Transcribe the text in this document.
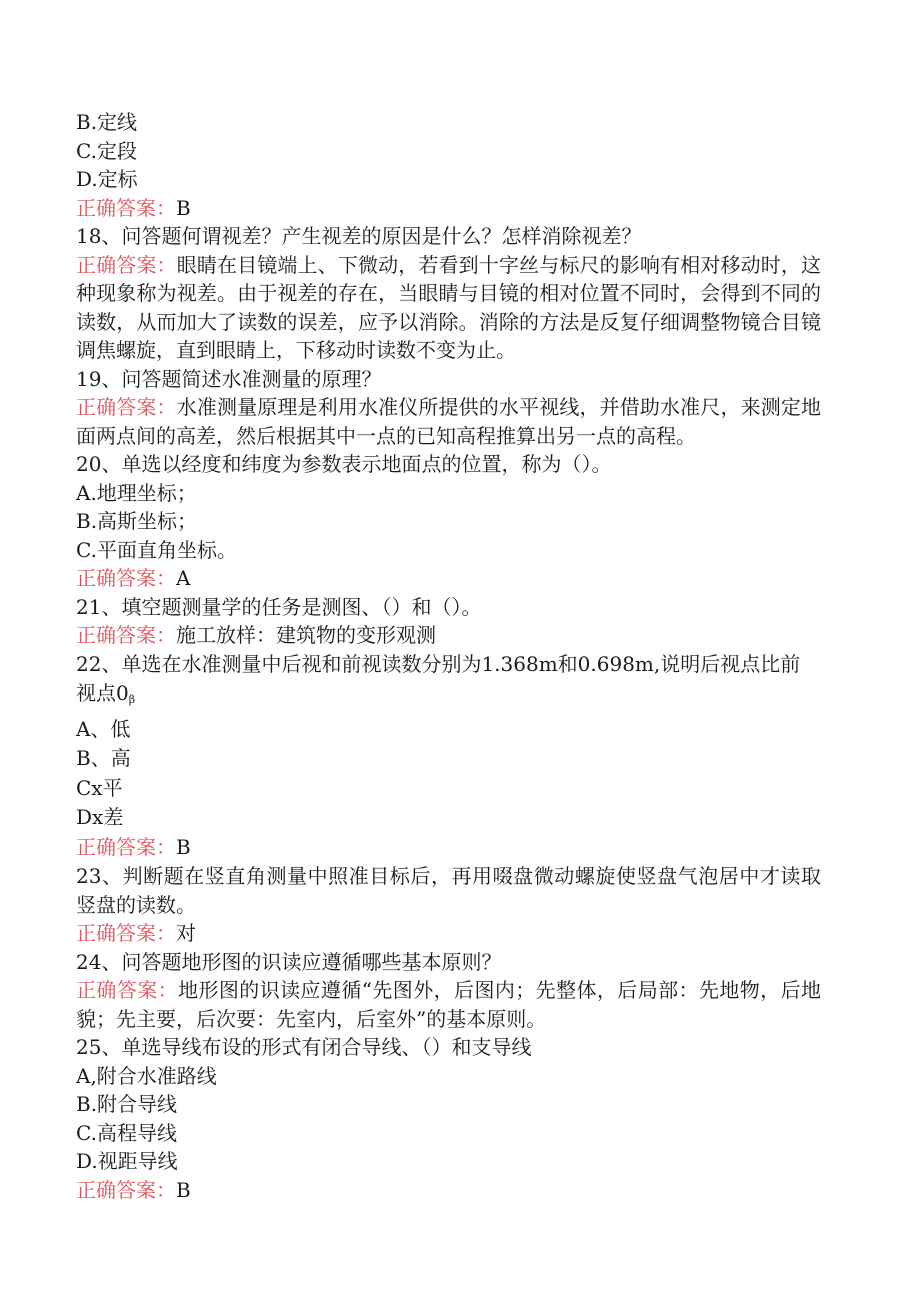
B.定线
C.定段
D.定标
正确答案：B
18、问答题何谓视差？产生视差的原因是什么？怎样消除视差？
正确答案：眼睛在目镜端上、下微动，若看到十字丝与标尺的影响有相对移动时，这种现象称为视差。由于视差的存在，当眼睛与目镜的相对位置不同时，会得到不同的读数，从而加大了读数的误差，应予以消除。消除的方法是反复仔细调整物镜合目镜调焦螺旋，直到眼睛上，下移动时读数不变为止。
19、问答题简述水准测量的原理？
正确答案：水准测量原理是利用水准仪所提供的水平视线，并借助水准尺，来测定地面两点间的高差，然后根据其中一点的已知高程推算出另一点的高程。
20、单选以经度和纬度为参数表示地面点的位置，称为（）。
A.地理坐标；
B.高斯坐标；
C.平面直角坐标。
正确答案：A
21、填空题测量学的任务是测图、（）和（）。
正确答案：施工放样：建筑物的变形观测
22、单选在水准测量中后视和前视读数分别为1.368m和0.698m,说明后视点比前
视点$0_\beta$
A、低
B、高
Cx平
Dx差
正确答案：B
23、判断题在竖直角测量中照准目标后，再用啜盘微动螺旋使竖盘气泡居中才读取竖盘的读数。
正确答案：对
24、问答题地形图的识读应遵循哪些基本原则？
正确答案：地形图的识读应遵循“先图外，后图内；先整体，后局部：先地物，后地貌；先主要，后次要：先室内，后室外”的基本原则。
25、单选导线布设的形式有闭合导线、（）和支导线
A,附合水准路线
B.附合导线
C.高程导线
D.视距导线
正确答案：B
